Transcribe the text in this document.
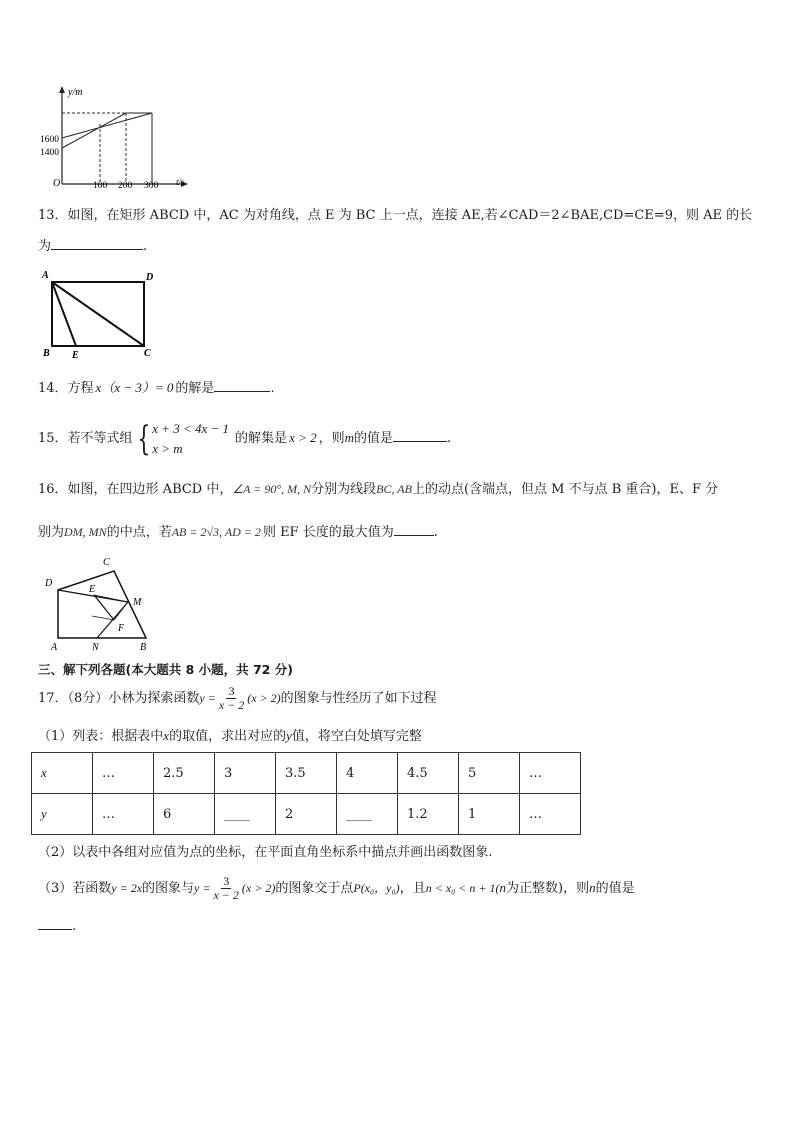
y/m
1600
1400
O	100 200 300 t/s
13．如图，在矩形 ABCD 中，AC 为对角线，点 E 为 BC 上一点，连接 AE,若∠CAD＝2∠BAE,CD=CE=9，则 AE 的长
为	.
A	D
B E	C
14．方程 x（x − 3）= 0 的解是	.
15．若不等式组 { x + 3 < 4x − 1
x > m的解集是 x > 2 ，则m的值是	.
16．如图，在四边形 ABCD 中，∠A = 90°, M, N分别为线段BC, AB上的动点(含端点，但点 M 不与点 B 重合)，E、F 分
别为DM, MN的中点，若AB = 2√3, AD = 2 则 EF 长度的最大值为	.
C
D
E
M
F
A	N	B
三、解下列各题(本大题共 8 小题，共 72 分)
17．（8分）小林为探索函数$y = \frac{3}{x - 2} (x > 2)$的图象与性经历了如下过程
（1）列表：根据表中x的取值，求出对应的y值，将空白处填写完整
x	…	2.5	3	3.5	4	4.5	5	…
y	…	6	____	2	____	1.2	1	…
（2）以表中各组对应值为点的坐标，在平面直角坐标系中描点并画出函数图象.
（3）若函数y = 2x的图象与$y = \frac{3}{x - 2} (x > 2)$的图象交于点P(x₀，y₀)，且n < x₀ < n + 1(n为正整数)，则n的值是
.
